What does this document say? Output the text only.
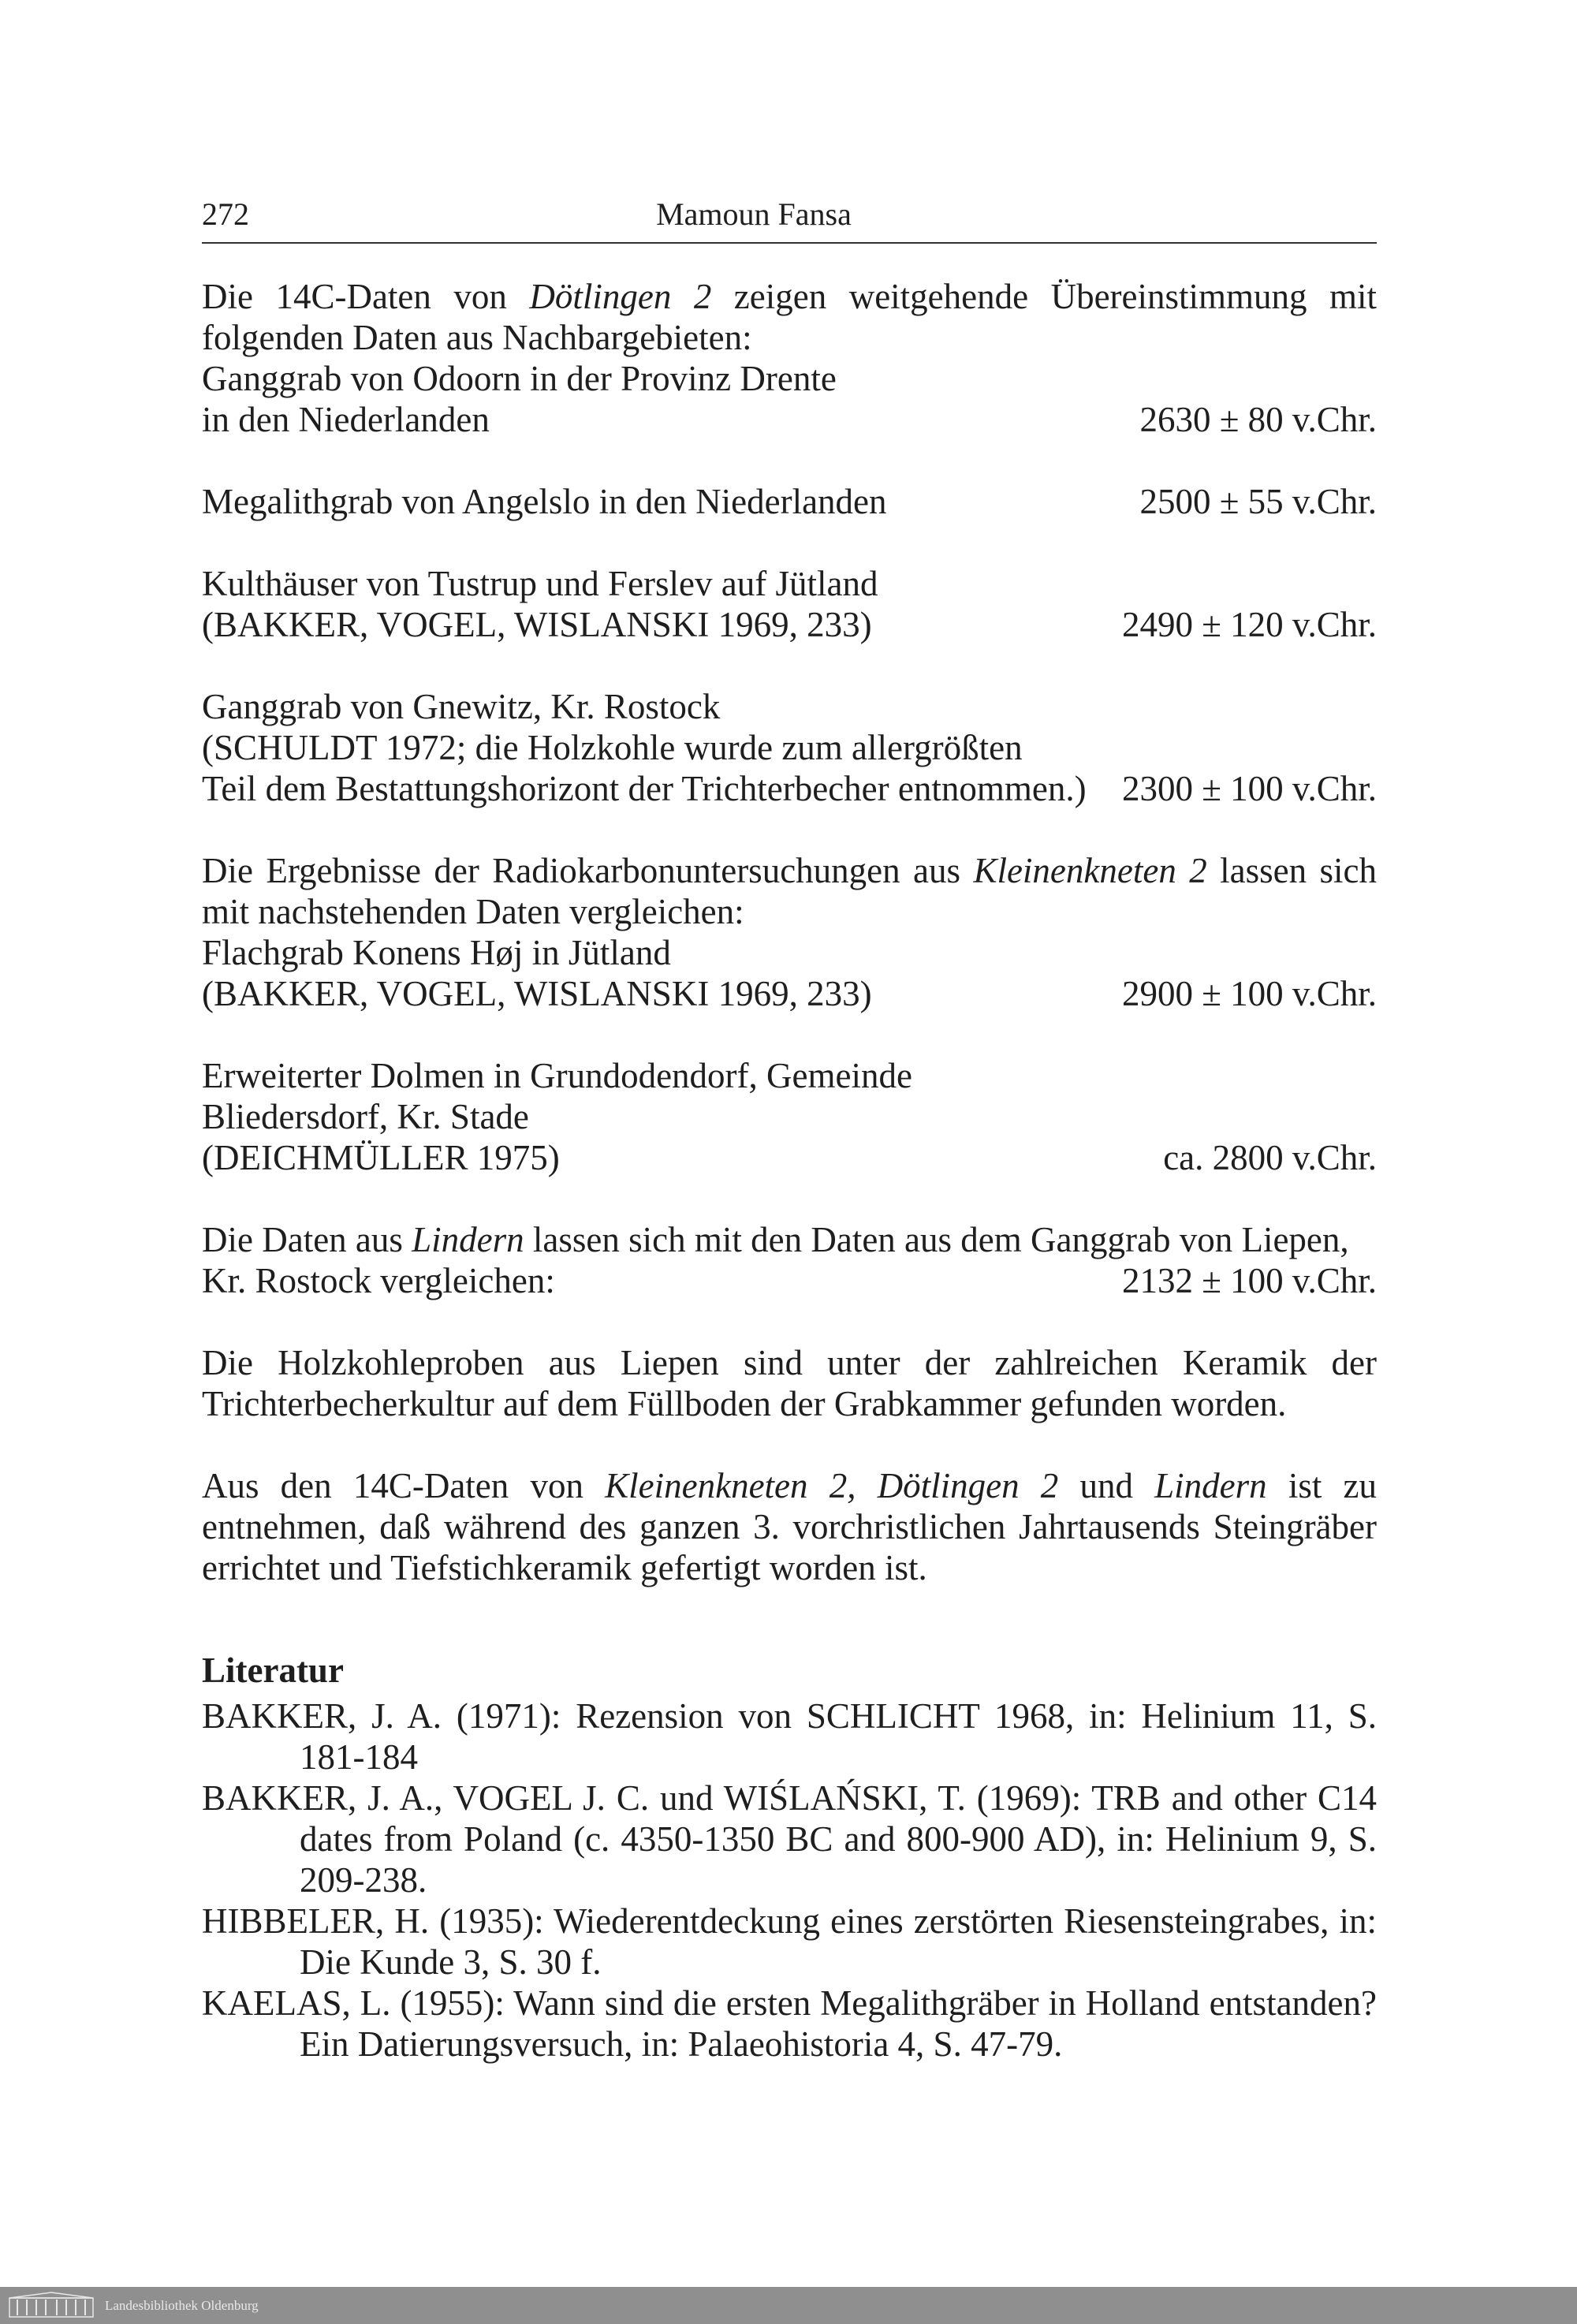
272	Mamoun Fansa

Die 14C-Daten von Dötlingen 2 zeigen weitgehende Übereinstimmung mit folgenden Daten aus Nachbargebieten:

Ganggrab von Odoorn in der Provinz Drente

in den Niederlanden	2630 ± 80 v.Chr.
Megalithgrab von Angelslo in den Niederlanden	2500 ± 55 v.Chr.

Kulthäuser von Tustrup und Ferslev auf Jütland

(BAKKER, VOGEL, WISLANSKI 1969, 233)	2490 ± 120 v.Chr.

Ganggrab von Gnewitz, Kr. Rostock

(SCHULDT 1972; die Holzkohle wurde zum allergrößten

Teil dem Bestattungshorizont der Trichterbecher entnommen.) 2300 ± 100 v.Chr.

Die Ergebnisse der Radiokarbonuntersuchungen aus Kleinenkneten 2 lassen sich mit nachstehenden Daten vergleichen:

Flachgrab Konens Høj in Jütland

(BAKKER, VOGEL, WISLANSKI 1969, 233)	2900 ± 100 v.Chr.

Erweiterter Dolmen in Grundodendorf, Gemeinde

Bliedersdorf, Kr. Stade

(DEICHMÜLLER 1975)	ca. 2800 v.Chr.

Die Daten aus Lindern lassen sich mit den Daten aus dem Ganggrab von Liepen,

Kr. Rostock vergleichen:	2132 ± 100 v.Chr.

Die Holzkohleproben aus Liepen sind unter der zahlreichen Keramik der Trichterbecherkultur auf dem Füllboden der Grabkammer gefunden worden.

Aus den 14C-Daten von Kleinenkneten 2, Dötlingen 2 und Lindern ist zu entnehmen, daß während des ganzen 3. vorchristlichen Jahrtausends Steingräber errichtet und Tiefstichkeramik gefertigt worden ist.

Literatur

BAKKER, J. A. (1971): Rezension von SCHLICHT 1968, in: Helinium 11, S. 181-184

BAKKER, J. A., VOGEL J. C. und WIŚLAŃSKI, T. (1969): TRB and other C14 dates from Poland (c. 4350-1350 BC and 800-900 AD), in: Helinium 9, S. 209-238.

HIBBELER, H. (1935): Wiederentdeckung eines zerstörten Riesensteingrabes, in: Die Kunde 3, S. 30 f.

KAELAS, L. (1955): Wann sind die ersten Megalithgräber in Holland entstanden? Ein Datierungsversuch, in: Palaeohistoria 4, S. 47-79.

Landesbibliothek Oldenburg
